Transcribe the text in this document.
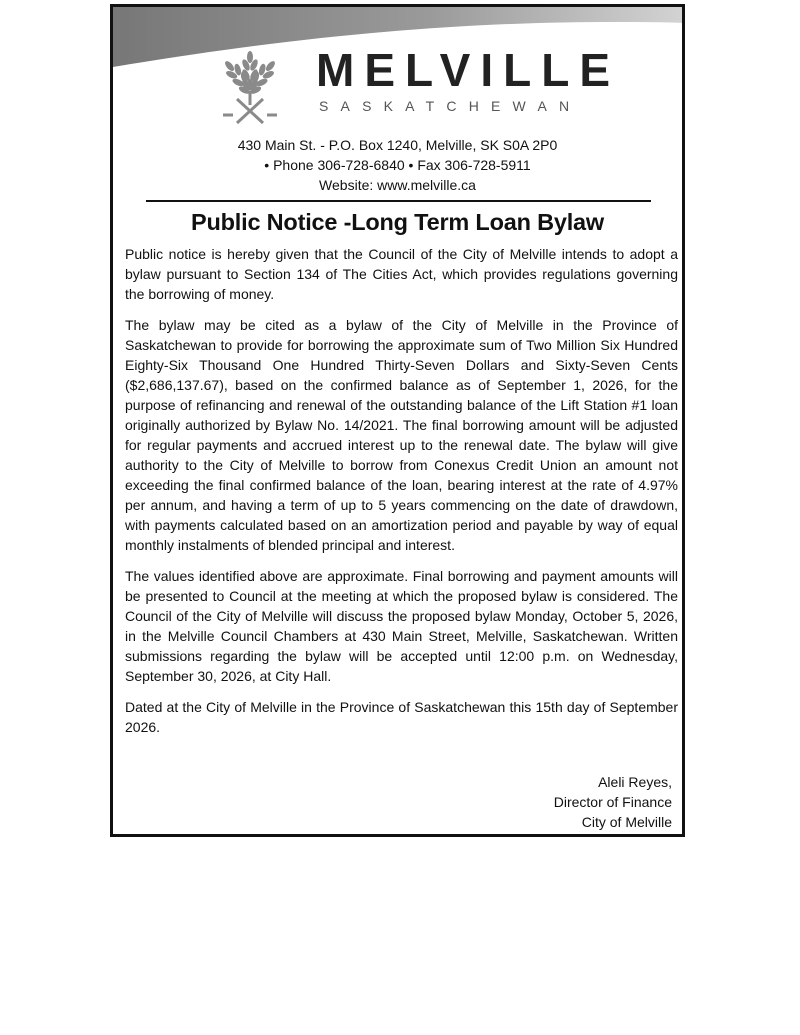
MELVILLE
SASKATCHEWAN
430 Main St. - P.O. Box 1240, Melville, SK S0A 2P0
• Phone 306-728-6840 • Fax 306-728-5911
Website: www.melville.ca
Public Notice -Long Term Loan Bylaw

Public notice is hereby given that the Council of the City of Melville intends to adopt a bylaw pursuant to Section 134 of The Cities Act, which provides regulations governing the borrowing of money.

The bylaw may be cited as a bylaw of the City of Melville in the Province of Saskatchewan to provide for borrowing the approximate sum of Two Million Six Hundred Eighty-Six Thousand One Hundred Thirty-Seven Dollars and Sixty-Seven Cents ($2,686,137.67), based on the confirmed balance as of September 1, 2026, for the purpose of refinancing and renewal of the outstanding balance of the Lift Station #1 loan originally authorized by Bylaw No. 14/2021. The final borrowing amount will be adjusted for regular payments and accrued interest up to the renewal date. The bylaw will give authority to the City of Melville to borrow from Conexus Credit Union an amount not exceeding the final confirmed balance of the loan, bearing interest at the rate of 4.97% per annum, and having a term of up to 5 years commencing on the date of drawdown, with payments calculated based on an amortization period and payable by way of equal monthly instalments of blended principal and interest.

The values identified above are approximate. Final borrowing and payment amounts will be presented to Council at the meeting at which the proposed bylaw is considered. The Council of the City of Melville will discuss the proposed bylaw Monday, October 5, 2026, in the Melville Council Chambers at 430 Main Street, Melville, Saskatchewan. Written submissions regarding the bylaw will be accepted until 12:00 p.m. on Wednesday, September 30, 2026, at City Hall.

Dated at the City of Melville in the Province of Saskatchewan this 15th day of September 2026.

Aleli Reyes,
Director of Finance
City of Melville
